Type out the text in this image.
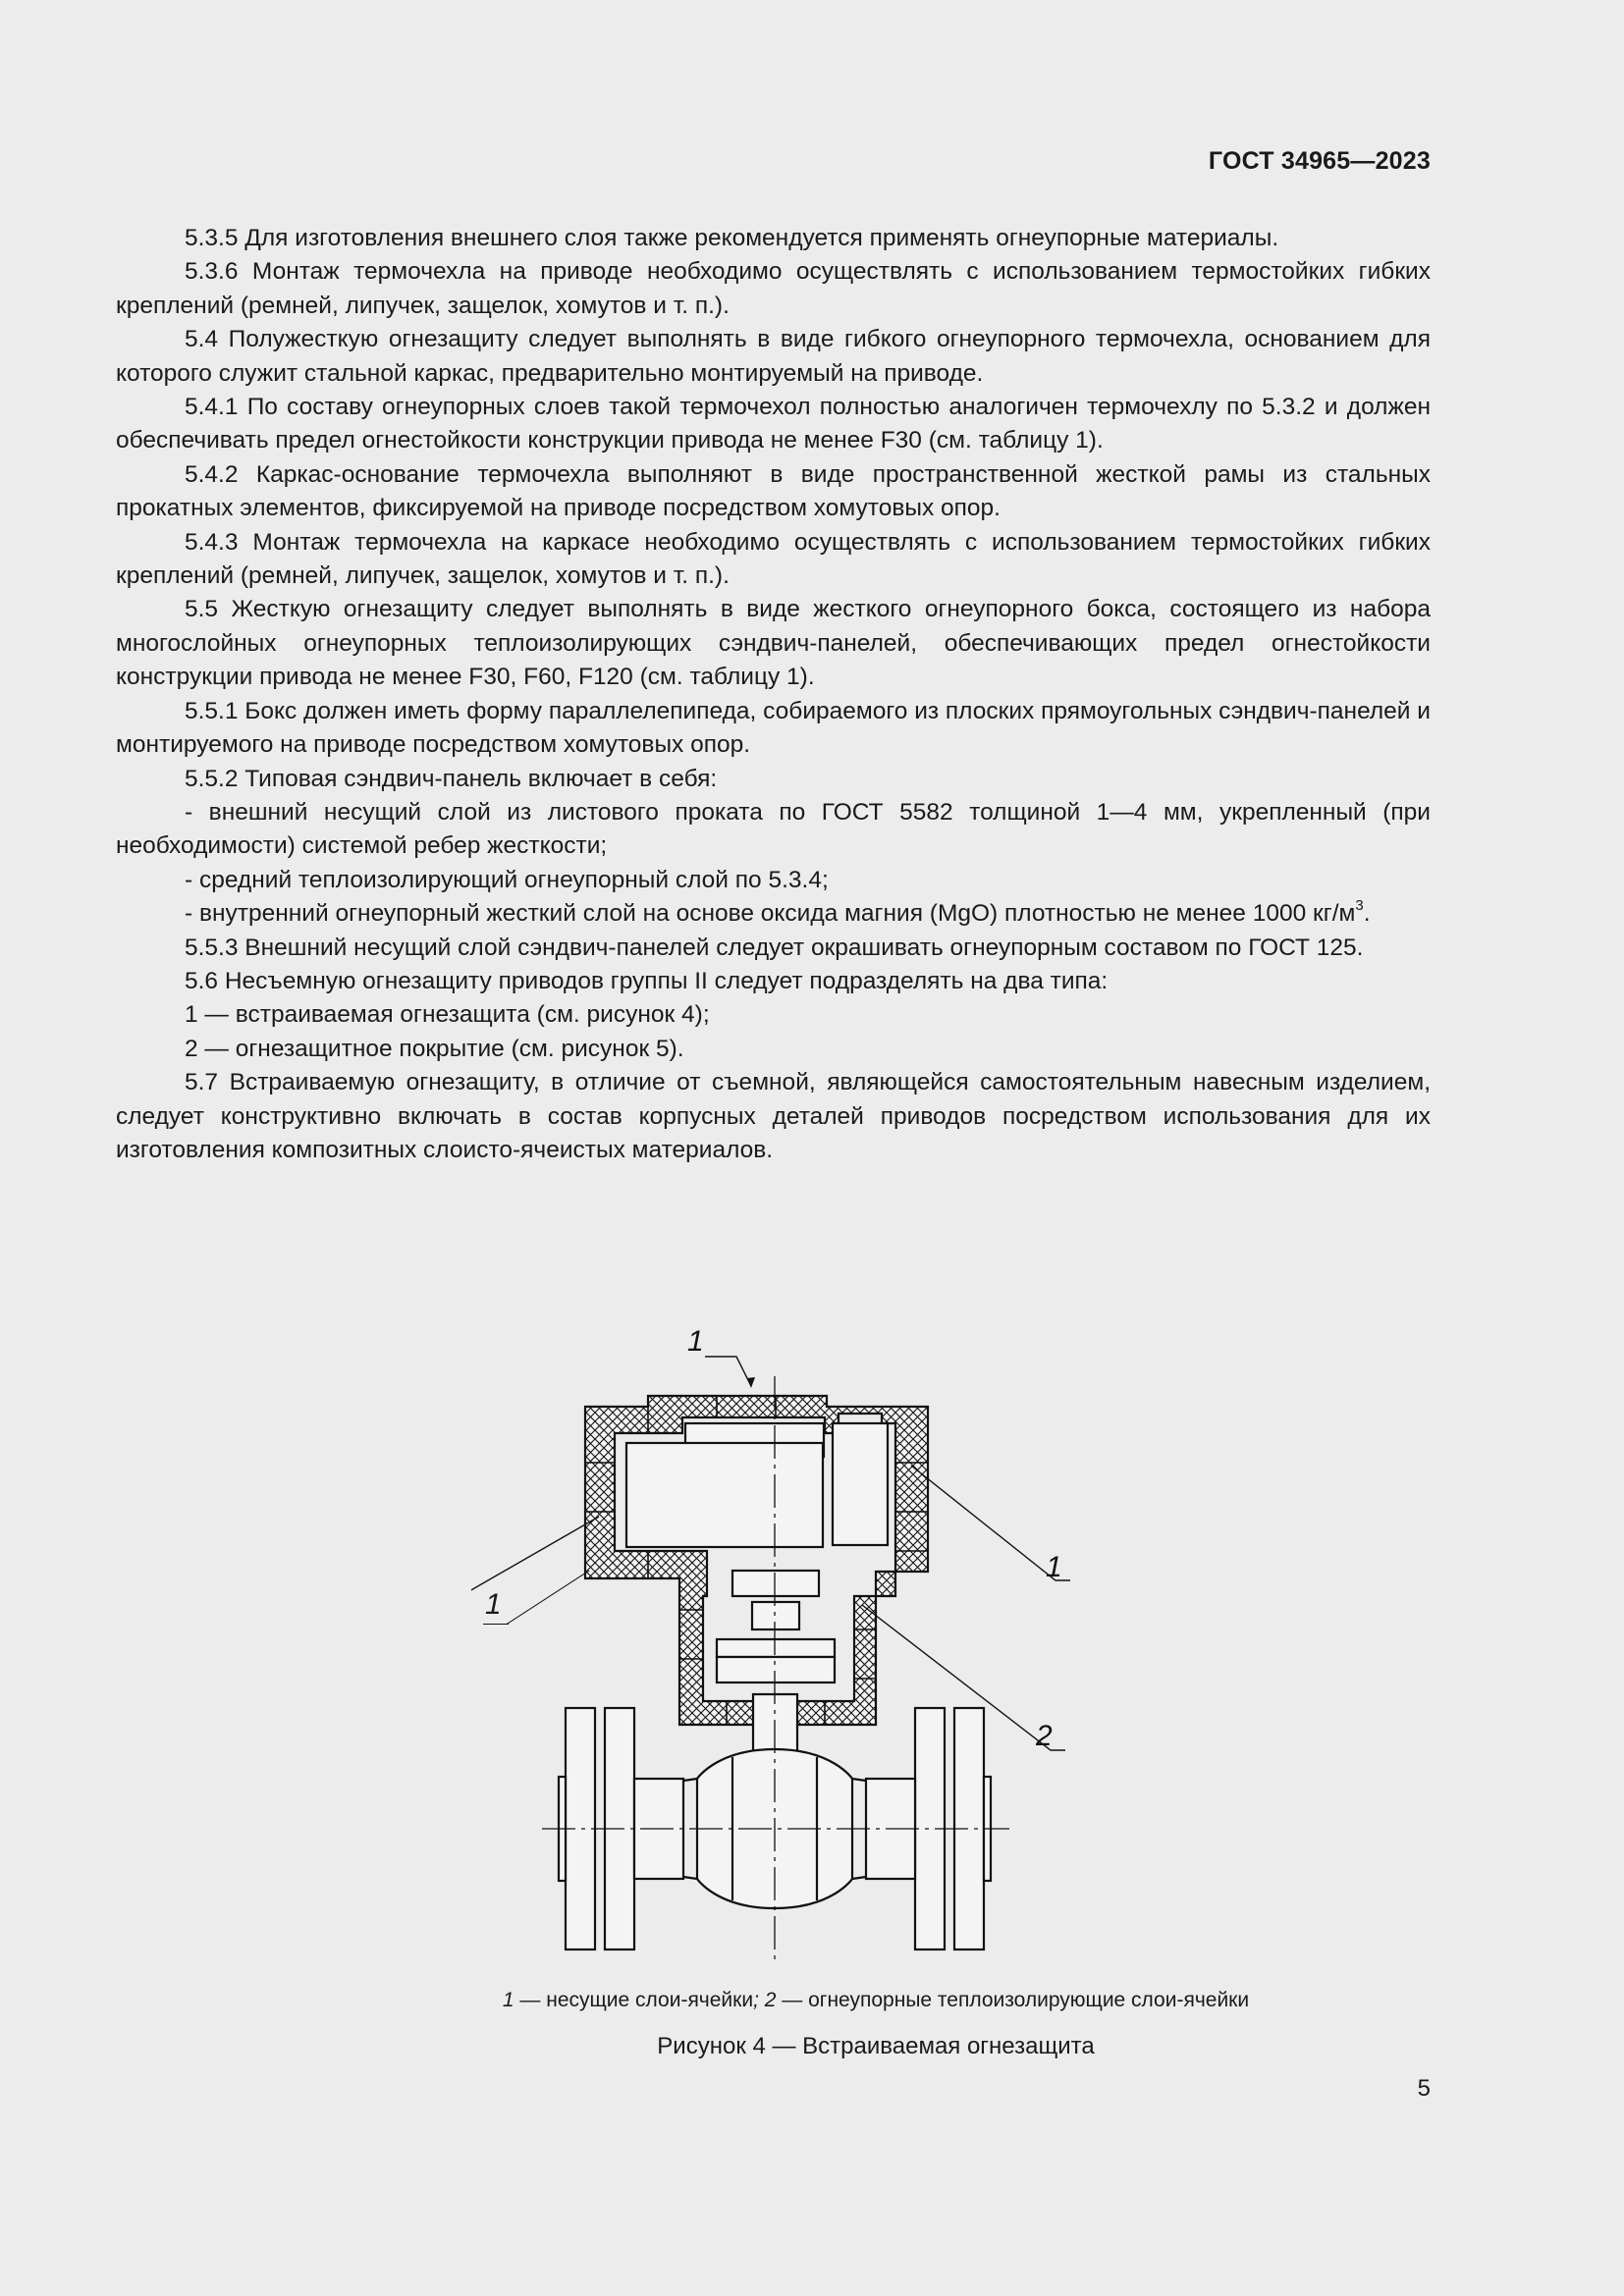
ГОСТ 34965—2023

5.3.5 Для изготовления внешнего слоя также рекомендуется применять огнеупорные материалы.

5.3.6 Монтаж термочехла на приводе необходимо осуществлять с использованием термостойких гибких креплений (ремней, липучек, защелок, хомутов и т. п.).

5.4 Полужесткую огнезащиту следует выполнять в виде гибкого огнеупорного термочехла, основанием для которого служит стальной каркас, предварительно монтируемый на приводе.

5.4.1 По составу огнеупорных слоев такой термочехол полностью аналогичен термочехлу по 5.3.2 и должен обеспечивать предел огнестойкости конструкции привода не менее F30 (см. таблицу 1).

5.4.2 Каркас-основание термочехла выполняют в виде пространственной жесткой рамы из стальных прокатных элементов, фиксируемой на приводе посредством хомутовых опор.

5.4.3 Монтаж термочехла на каркасе необходимо осуществлять с использованием термостойких гибких креплений (ремней, липучек, защелок, хомутов и т. п.).

5.5 Жесткую огнезащиту следует выполнять в виде жесткого огнеупорного бокса, состоящего из набора многослойных огнеупорных теплоизолирующих сэндвич-панелей, обеспечивающих предел огнестойкости конструкции привода не менее F30, F60, F120 (см. таблицу 1).

5.5.1 Бокс должен иметь форму параллелепипеда, собираемого из плоских прямоугольных сэндвич-панелей и монтируемого на приводе посредством хомутовых опор.

5.5.2 Типовая сэндвич-панель включает в себя:

- внешний несущий слой из листового проката по ГОСТ 5582 толщиной 1—4 мм, укрепленный (при необходимости) системой ребер жесткости;

- средний теплоизолирующий огнеупорный слой по 5.3.4;

- внутренний огнеупорный жесткий слой на основе оксида магния (MgO) плотностью не менее 1000 $кг/м^3$.

5.5.3 Внешний несущий слой сэндвич-панелей следует окрашивать огнеупорным составом по ГОСТ 125.

5.6 Несъемную огнезащиту приводов группы II следует подразделять на два типа:

1 — встраиваемая огнезащита (см. рисунок 4);

2 — огнезащитное покрытие (см. рисунок 5).

5.7 Встраиваемую огнезащиту, в отличие от съемной, являющейся самостоятельным навесным изделием, следует конструктивно включать в состав корпусных деталей приводов посредством использования для их изготовления композитных слоисто-ячеистых материалов.

1
1
2
1
1 — несущие слои-ячейки; 2 — огнеупорные теплоизолирующие слои-ячейки
Рисунок 4 — Встраиваемая огнезащита
5
